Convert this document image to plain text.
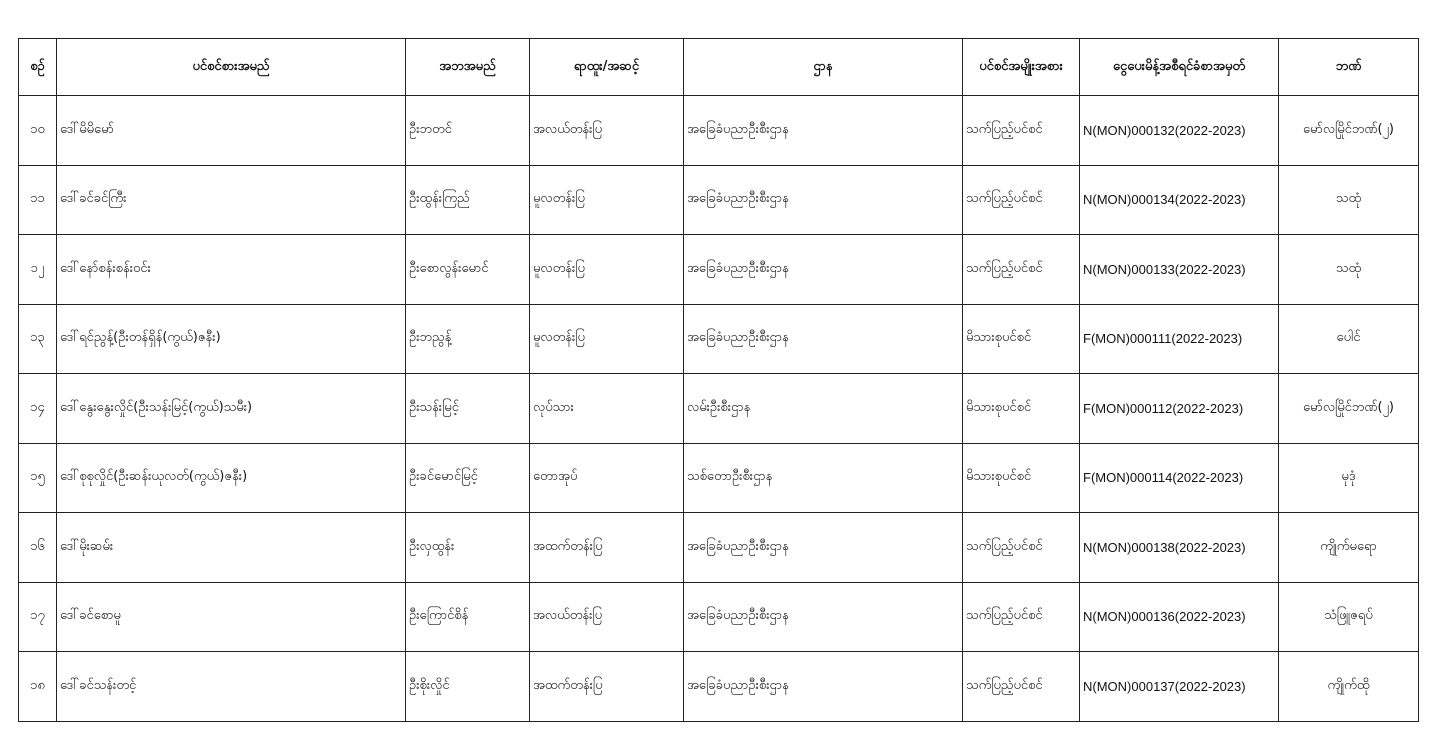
စဉ်	ပင်စင်စားအမည်	အဘအမည်	ရာထူး/အဆင့်	ဌာန	ပင်စင်အမျိုးအစား	ငွေပေးမိန့်အစီရင်ခံစာအမှတ်	ဘဏ်
၁၀	ဒေါ်မိမိမော်	ဦးဘတင်	အလယ်တန်းပြ	အခြေခံပညာဦးစီးဌာန	သက်ပြည့်ပင်စင်	N(MON)000132(2022-2023)	မော်လမြိုင်ဘဏ်(၂)
၁၁	ဒေါ်ခင်ခင်ကြီး	ဦးထွန်းကြည်	မူလတန်းပြ	အခြေခံပညာဦးစီးဌာန	သက်ပြည့်ပင်စင်	N(MON)000134(2022-2023)	သထုံ
၁၂	ဒေါ်နော်စန်းစန်းဝင်း	ဦးစောလွန်းမောင်	မူလတန်းပြ	အခြေခံပညာဦးစီးဌာန	သက်ပြည့်ပင်စင်	N(MON)000133(2022-2023)	သထုံ
၁၃	ဒေါ်ရင်ညွန့်(ဦးတန်ရှိန်(ကွယ်)ဇနီး)	ဦးဘညွန့်	မူလတန်းပြ	အခြေခံပညာဦးစီးဌာန	မိသားစုပင်စင်	F(MON)000111(2022-2023)	ပေါင်
၁၄	ဒေါ်နွေးနွေးလှိုင်(ဦးသန်းမြင့်(ကွယ်)သမီး)	ဦးသန်းမြင့်	လုပ်သား	လမ်းဦးစီးဌာန	မိသားစုပင်စင်	F(MON)000112(2022-2023)	မော်လမြိုင်ဘဏ်(၂)
၁၅	ဒေါ်စုစုလှိုင်(ဦးဆန်းယုလတ်(ကွယ်)ဇနီး)	ဦးခင်မောင်မြင့်	တောအုပ်	သစ်တောဦးစီးဌာန	မိသားစုပင်စင်	F(MON)000114(2022-2023)	မုဒုံ
၁၆	ဒေါ်မိုးဆမ်း	ဦးလှထွန်း	အထက်တန်းပြ	အခြေခံပညာဦးစီးဌာန	သက်ပြည့်ပင်စင်	N(MON)000138(2022-2023)	ကျိုက်မရော
၁၇	ဒေါ်ခင်စောမူ	ဦးကြောင်စိန်	အလယ်တန်းပြ	အခြေခံပညာဦးစီးဌာန	သက်ပြည့်ပင်စင်	N(MON)000136(2022-2023)	သံဖြူဇရပ်
၁၈	ဒေါ်ခင်သန်းတင့်	ဦးစိုးလှိုင်	အထက်တန်းပြ	အခြေခံပညာဦးစီးဌာန	သက်ပြည့်ပင်စင်	N(MON)000137(2022-2023)	ကျိုက်ထို
